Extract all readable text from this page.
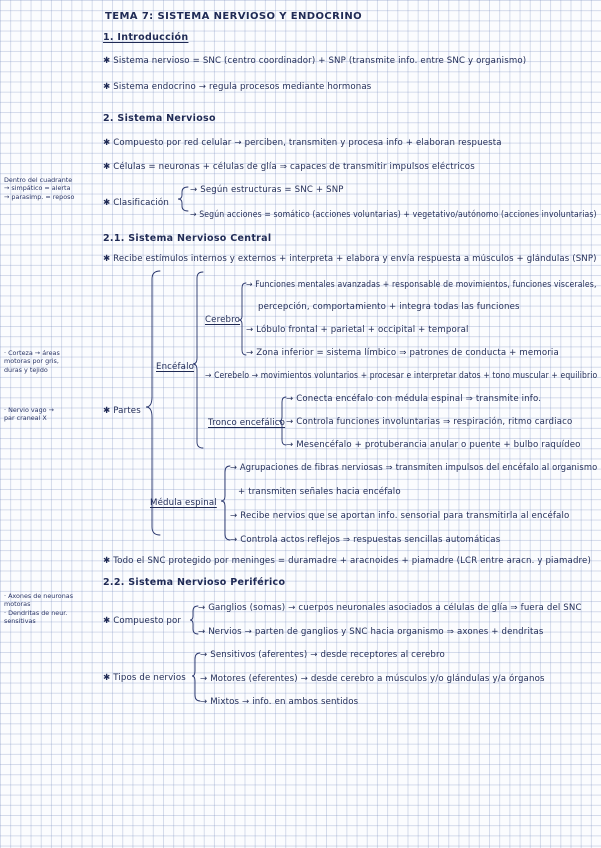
TEMA 7: SISTEMA NERVIOSO Y ENDOCRINO
1. Introducción
✱ Sistema nervioso = SNC (centro coordinador) + SNP (transmite info. entre SNC y organismo)
✱ Sistema endocrino → regula procesos mediante hormonas
2. Sistema Nervioso
✱ Compuesto por red celular → perciben, transmiten y procesa info + elaboran respuesta
✱ Células = neuronas + células de glía ⇒ capaces de transmitir impulsos eléctricos
✱ Clasificación
→ Según estructuras = SNC + SNP
→ Según acciones = somático (acciones voluntarias) + vegetativo/autónomo (acciones involuntarias)
2.1. Sistema Nervioso Central
✱ Recibe estímulos internos y externos + interpreta + elabora y envía respuesta a músculos + glándulas (SNP)
✱ Partes
Encéfalo
Cerebro
→ Funciones mentales avanzadas + responsable de movimientos, funciones viscerales,
percepción, comportamiento + integra todas las funciones
→ Lóbulo frontal + parietal + occipital + temporal
→ Zona inferior = sistema límbico ⇒ patrones de conducta + memoria
→ Cerebelo → movimientos voluntarios + procesar e interpretar datos + tono muscular + equilibrio
Tronco encefálico
→ Conecta encéfalo con médula espinal ⇒ transmite info.
→ Controla funciones involuntarias ⇒ respiración, ritmo cardiaco
→ Mesencéfalo + protuberancia anular o puente + bulbo raquídeo
Médula espinal
→ Agrupaciones de fibras nerviosas ⇒ transmiten impulsos del encéfalo al organismo
+ transmiten señales hacia encéfalo
→ Recibe nervios que se aportan info. sensorial para transmitirla al encéfalo
→ Controla actos reflejos ⇒ respuestas sencillas automáticas
✱ Todo el SNC protegido por meninges = duramadre + aracnoides + piamadre (LCR entre aracn. y piamadre)
2.2. Sistema Nervioso Periférico
✱ Compuesto por
→ Ganglios (somas) → cuerpos neuronales asociados a células de glía ⇒ fuera del SNC
→ Nervios → parten de ganglios y SNC hacia organismo ⇒ axones + dendritas
✱ Tipos de nervios
→ Sensitivos (aferentes) → desde receptores al cerebro
→ Motores (eferentes) → desde cerebro a músculos y/o glándulas y/a órganos
→ Mixtos → info. en ambos sentidos
Dentro del cuadrante
→ simpático = alerta
→ parasimp. = reposo
· Corteza → áreas
motoras por gris,
duras y tejido
· Nervio vago →
par craneal X
· Axones de neuronas
motoras
· Dendritas de neur.
sensitivas
